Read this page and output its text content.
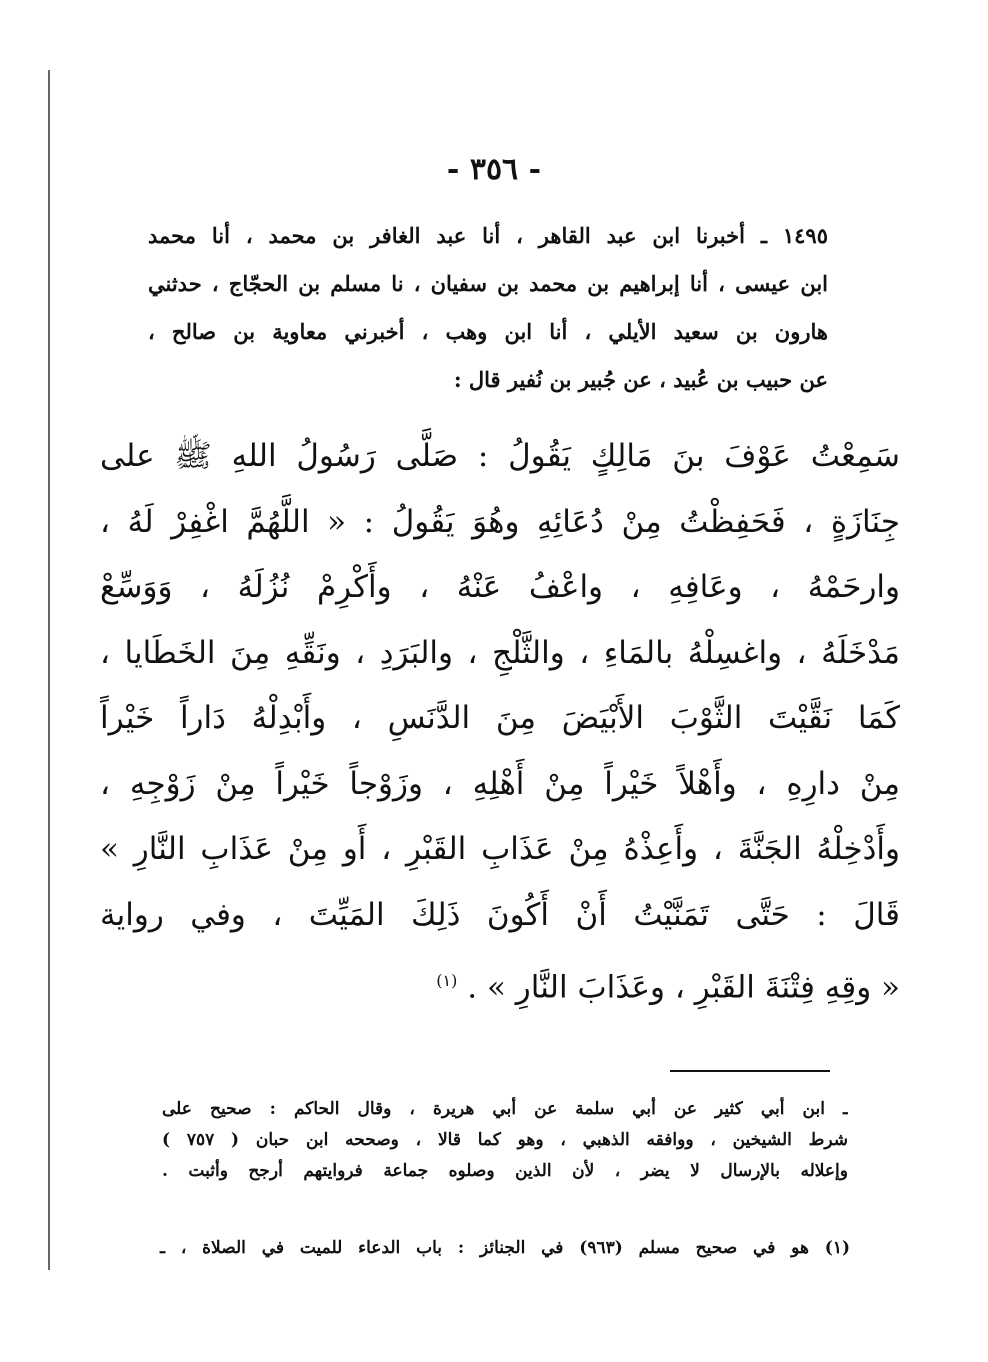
- ٣٥٦ -
١٤٩٥ ـ أخبرنا ابن عبد القاهر ، أنا عبد الغافر بن محمد ، أنا محمد
ابن عيسى ، أنا إبراهيم بن محمد بن سفيان ، نا مسلم بن الحجّاج ، حدثني
هارون بن سعيد الأيلي ، أنا ابن وهب ، أخبرني معاوية بن صالح ،
عن حبيب بن عُبيد ، عن جُبير بن نُفير قال :
سَمِعْتُ عَوْفَ بنَ مَالِكٍ يَقُولُ : صَلَّى رَسُولُ اللهِ ﷺ على
جِنَازَةٍ ، فَحَفِظْتُ مِنْ دُعَائِهِ وهُوَ يَقُولُ : « اللَّهُمَّ اغْفِرْ لَهُ ،
وارحَمْهُ ، وعَافِهِ ، واعْفُ عَنْهُ ، وأَكْرِمْ نُزُلَهُ ، وَوَسِّعْ
مَدْخَلَهُ ، واغسِلْهُ بالمَاءِ ، والثَّلْجِ ، والبَرَدِ ، ونَقِّهِ مِنَ الخَطَايا ،
كَمَا نَقَّيْتَ الثَّوْبَ الأَبْيَضَ مِنَ الدَّنَسِ ، وأَبْدِلْهُ دَاراً خَيْراً
مِنْ دارِهِ ، وأَهْلاً خَيْراً مِنْ أَهْلِهِ ، وزَوْجاً خَيْراً مِنْ زَوْجِهِ ،
وأَدْخِلْهُ الجَنَّةَ ، وأَعِذْهُ مِنْ عَذَابِ القَبْرِ ، أَو مِنْ عَذَابِ النَّارِ »
قَالَ : حَتَّى تَمَنَّيْتُ أَنْ أَكُونَ ذَلِكَ المَيِّتَ ، وفي رواية
« وقِهِ فِتْنَةَ القَبْرِ ، وعَذَابَ النَّارِ » . $^{(١)}$
ـ ابن أبي كثير عن أبي سلمة عن أبي هريرة ، وقال الحاكم : صحيح على
شرط الشيخين ، ووافقه الذهبي ، وهو كما قالا ، وصححه ابن حبان ( ٧٥٧ )
وإعلاله بالإرسال لا يضر ، لأن الذين وصلوه جماعة فروايتهم أرجح وأثبت .
(١) هو في صحيح مسلم (٩٦٣) في الجنائز : باب الدعاء للميت في الصلاة ، ـ
